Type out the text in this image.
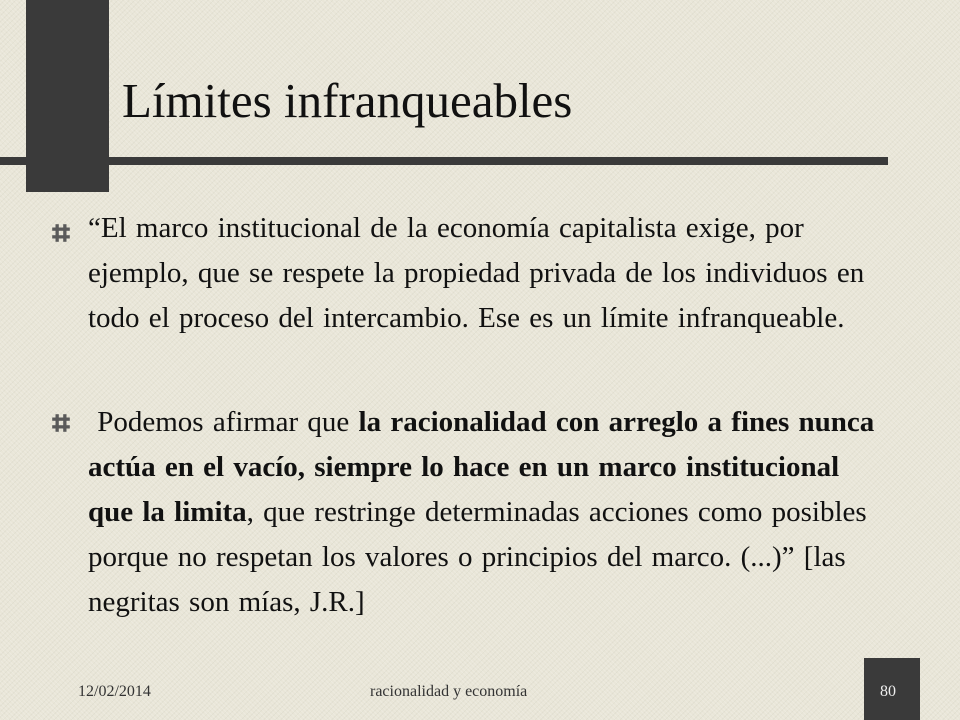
Límites infranqueables

“El marco institucional de la economía capitalista exige, por ejemplo, que se respete la propiedad privada de los individuos en todo el proceso del intercambio. Ese es un límite infranqueable.

Podemos afirmar que la racionalidad con arreglo a fines nunca actúa en el vacío, siempre lo hace en un marco institucional que la limita, que restringe determinadas acciones como posibles porque no respetan los valores o principios del marco. (...)” [las negritas son mías, J.R.]

12/02/2014	racionalidad y economía	80
